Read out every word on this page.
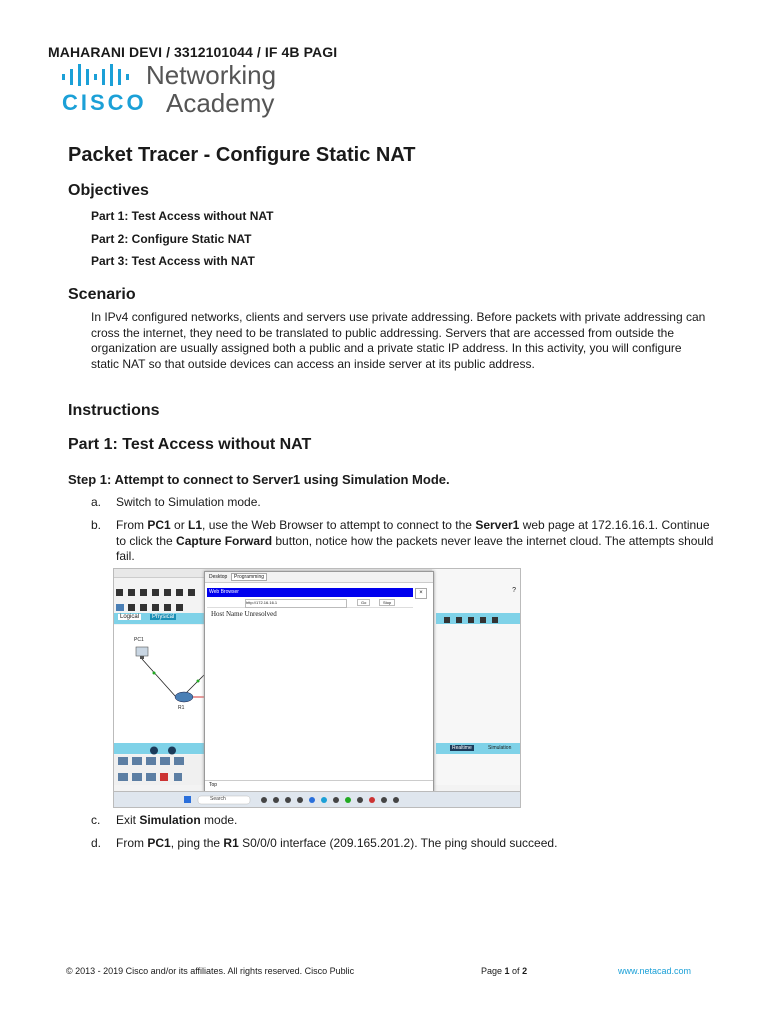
MAHARANI DEVI / 3312101044 / IF 4B PAGI
CISCO
Networking
Academy
Packet Tracer - Configure Static NAT
Objectives
Part 1: Test Access without NAT
Part 2: Configure Static NAT
Part 3: Test Access with NAT
Scenario
In IPv4 configured networks, clients and servers use private addressing. Before packets with private addressing can cross the internet, they need to be translated to public addressing. Servers that are accessed from outside the organization are usually assigned both a public and a private static IP address. In this activity, you will configure static NAT so that outside devices can access an inside server at its public address.
Instructions
Part 1: Test Access without NAT
Step 1: Attempt to connect to Server1 using Simulation Mode.
a. Switch to Simulation mode.
b. From PC1 or L1, use the Web Browser to attempt to connect to the Server1 web page at 172.16.16.1. Continue to click the Capture Forward button, notice how the packets never leave the internet cloud. The attempts should fail.
Logical	Physical
PC1
R1
?
Realtime	Simulation
Desktop	Programming
Web Browser	×
http://172.16.16.1	Go	Stop
Host Name Unresolved
Top
Search
c. Exit Simulation mode.
d. From PC1, ping the R1 S0/0/0 interface (209.165.201.2). The ping should succeed.
© 2013 - 2019 Cisco and/or its affiliates. All rights reserved. Cisco Public	Page 1 of 2	www.netacad.com
